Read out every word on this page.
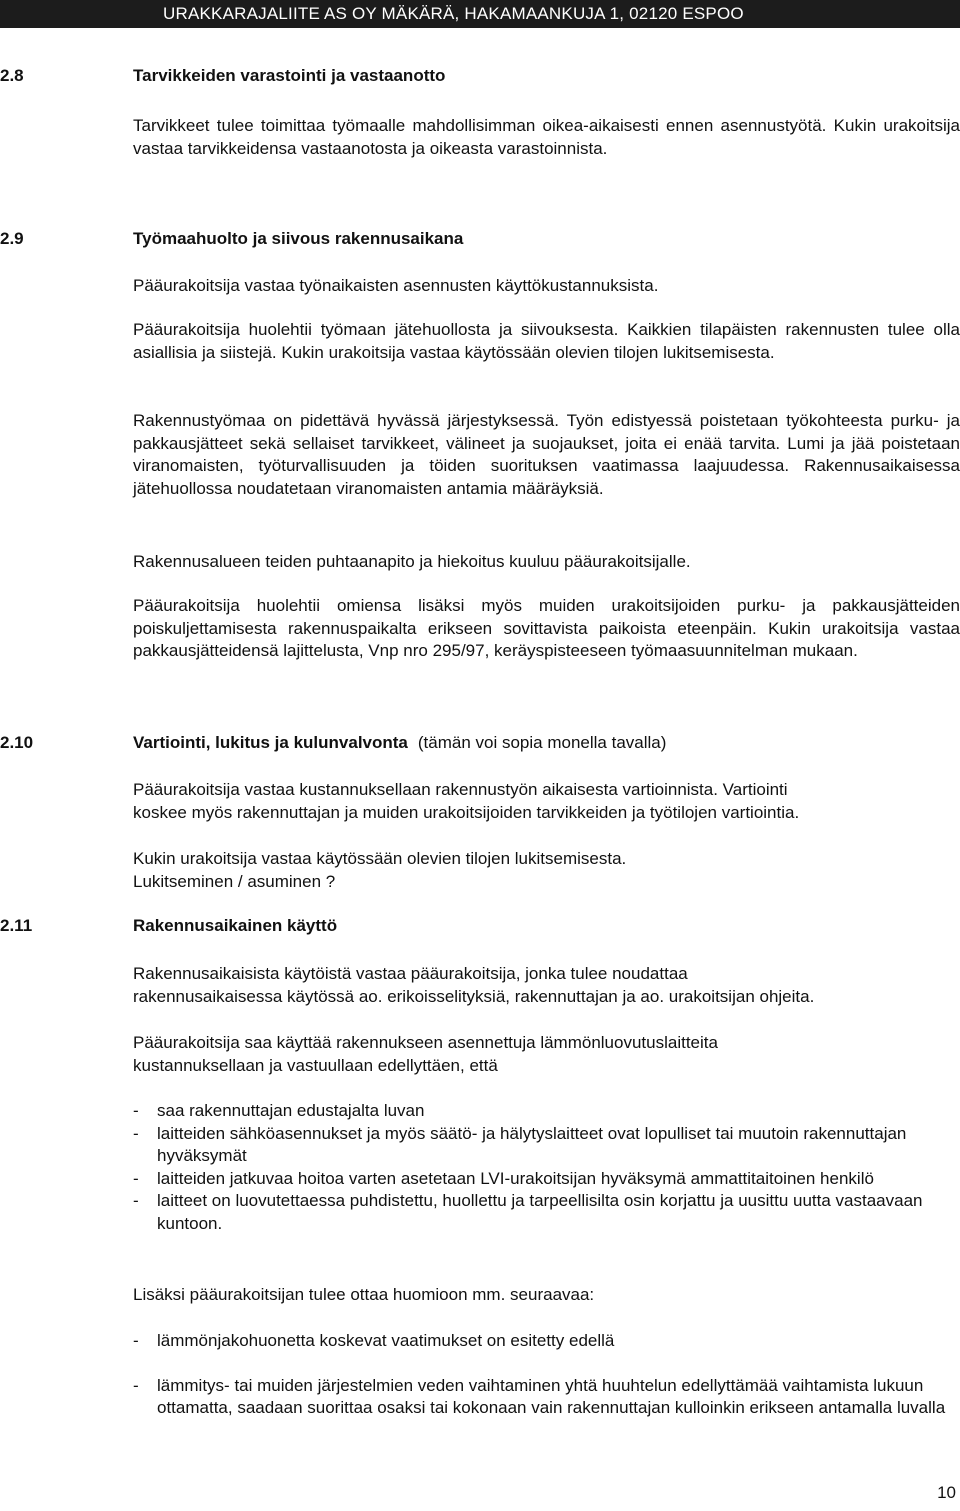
URAKKARAJALIITE AS OY MÄKÄRÄ, HAKAMAANKUJA 1, 02120 ESPOO
2.8	Tarvikkeiden varastointi ja vastaanotto
Tarvikkeet tulee toimittaa työmaalle mahdollisimman oikea-aikaisesti ennen asennustyötä. Kukin urakoitsija vastaa tarvikkeidensa vastaanotosta ja oikeasta varastoinnista.
2.9	Työmaahuolto ja siivous rakennusaikana
Pääurakoitsija vastaa työnaikaisten asennusten käyttökustannuksista.
Pääurakoitsija huolehtii työmaan jätehuollosta ja siivouksesta. Kaikkien tilapäisten rakennusten tulee olla asiallisia ja siistejä. Kukin urakoitsija vastaa käytössään olevien tilojen lukitsemisesta.
Rakennustyömaa on pidettävä hyvässä järjestyksessä. Työn edistyessä poistetaan työkohteesta purku- ja pakkausjätteet sekä sellaiset tarvikkeet, välineet ja suojaukset, joita ei enää tarvita. Lumi ja jää poistetaan viranomaisten, työturvallisuuden ja töiden suorituksen vaatimassa laajuudessa. Rakennusaikaisessa jätehuollossa noudatetaan viranomaisten antamia määräyksiä.
Rakennusalueen teiden puhtaanapito ja hiekoitus kuuluu pääurakoitsijalle.
Pääurakoitsija huolehtii omiensa lisäksi myös muiden urakoitsijoiden purku- ja pakkausjätteiden poiskuljettamisesta rakennuspaikalta erikseen sovittavista paikoista eteenpäin. Kukin urakoitsija vastaa pakkausjätteidensä lajittelusta, Vnp nro 295/97, keräyspisteeseen työmaasuunnitelman mukaan.
2.10	Vartiointi, lukitus ja kulunvalvonta (tämän voi sopia monella tavalla)
Pääurakoitsija vastaa kustannuksellaan rakennustyön aikaisesta vartioinnista. Vartiointi
koskee myös rakennuttajan ja muiden urakoitsijoiden tarvikkeiden ja työtilojen vartiointia.
Kukin urakoitsija vastaa käytössään olevien tilojen lukitsemisesta.
Lukitseminen / asuminen ?
2.11	Rakennusaikainen käyttö
Rakennusaikaisista käytöistä vastaa pääurakoitsija, jonka tulee noudattaa
rakennusaikaisessa käytössä ao. erikoisselityksiä, rakennuttajan ja ao. urakoitsijan ohjeita.
Pääurakoitsija saa käyttää rakennukseen asennettuja lämmönluovutuslaitteita
kustannuksellaan ja vastuullaan edellyttäen, että
- saa rakennuttajan edustajalta luvan
- laitteiden sähköasennukset ja myös säätö- ja hälytyslaitteet ovat lopulliset tai muutoin rakennuttajan hyväksymät
- laitteiden jatkuvaa hoitoa varten asetetaan LVI-urakoitsijan hyväksymä ammattitaitoinen henkilö
- laitteet on luovutettaessa puhdistettu, huollettu ja tarpeellisilta osin korjattu ja uusittu uutta vastaavaan kuntoon.
Lisäksi pääurakoitsijan tulee ottaa huomioon mm. seuraavaa:
- lämmönjakohuonetta koskevat vaatimukset on esitetty edellä
- lämmitys- tai muiden järjestelmien veden vaihtaminen yhtä huuhtelun edellyttämää vaihtamista lukuun ottamatta, saadaan suorittaa osaksi tai kokonaan vain rakennuttajan kulloinkin erikseen antamalla luvalla
10
